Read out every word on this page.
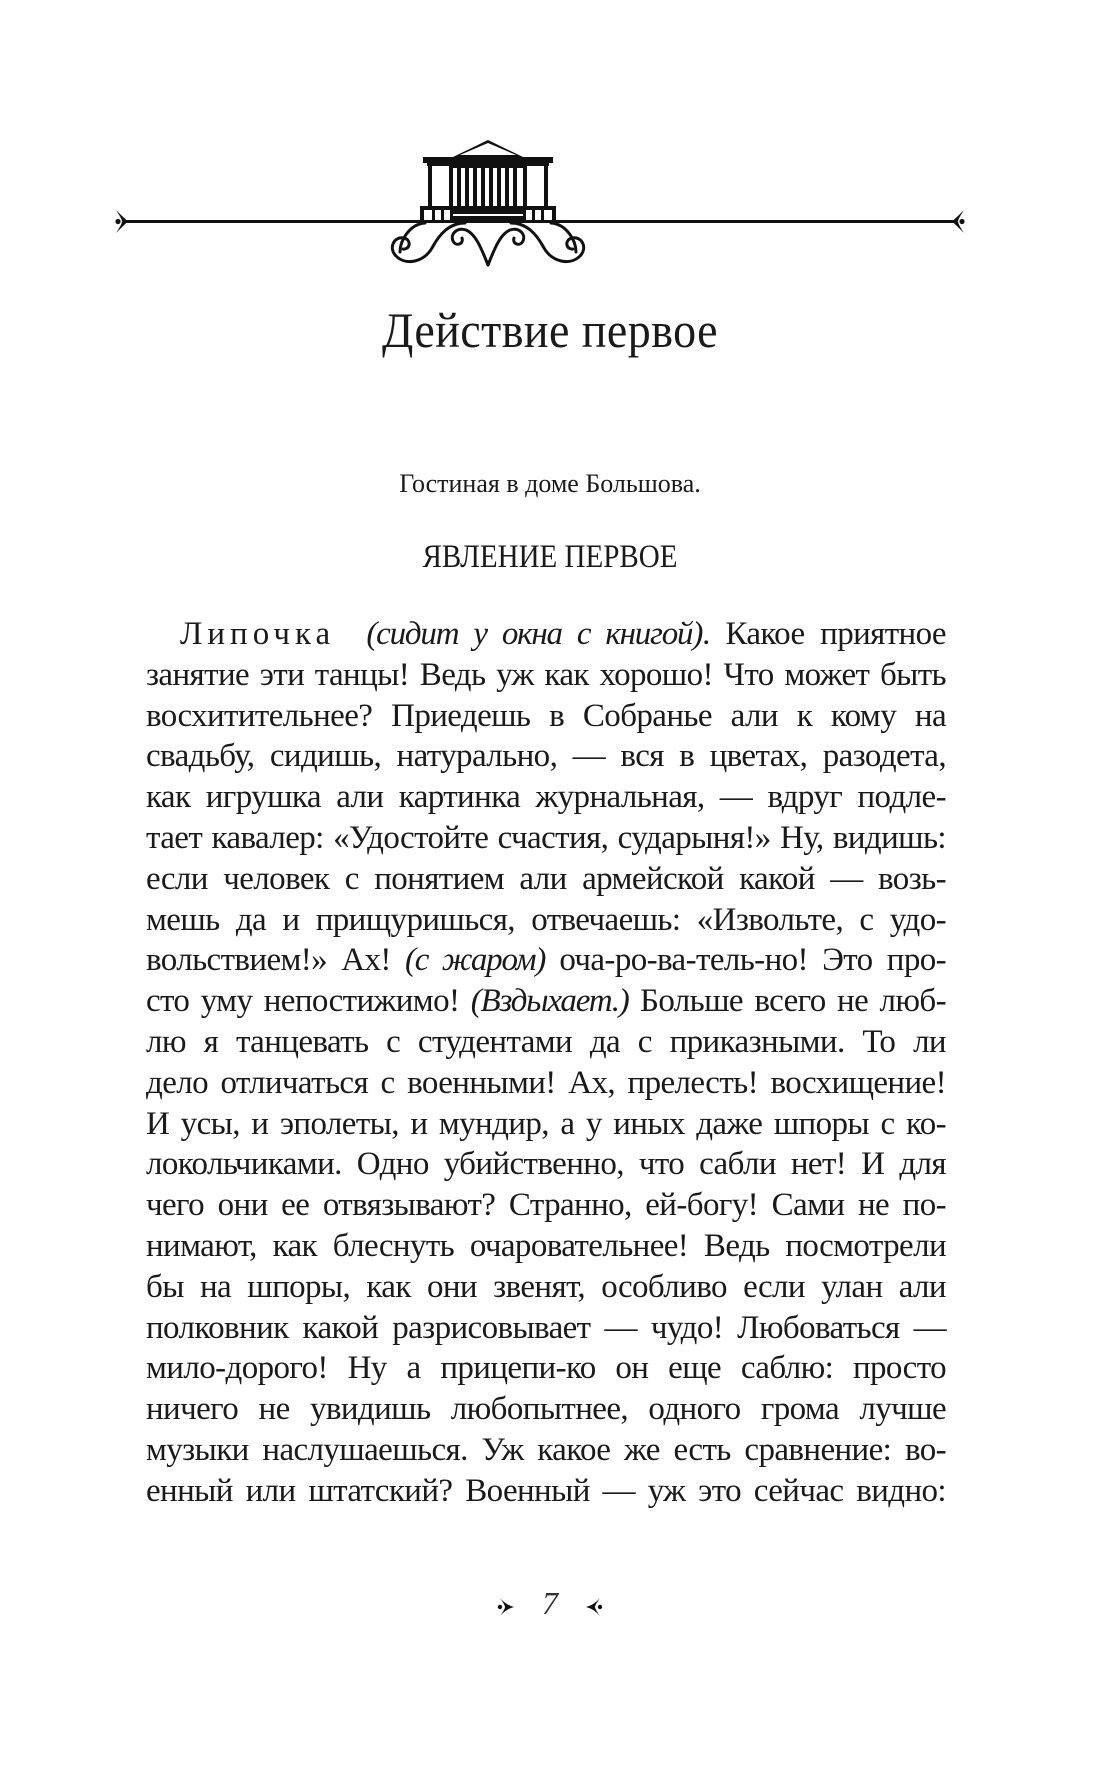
Действие первое
Гостиная в доме Большова.
ЯВЛЕНИЕ ПЕРВОЕ
Липочка (сидит у окна с книгой). Какое приятное
занятие эти танцы! Ведь уж как хорошо! Что может быть
восхитительнее? Приедешь в Собранье али к кому на
свадьбу, сидишь, натурально, — вся в цветах, разодета,
как игрушка али картинка журнальная, — вдруг подле-
тает кавалер: «Удостойте счастия, сударыня!» Ну, видишь:
если человек с понятием али армейской какой — возь-
мешь да и прищуришься, отвечаешь: «Извольте, с удо-
вольствием!» Ах! (с жаром) оча-ро-ва-тель-но! Это про-
сто уму непостижимо! (Вздыхает.) Больше всего не люб-
лю я танцевать с студентами да с приказными. То ли
дело отличаться с военными! Ах, прелесть! восхищение!
И усы, и эполеты, и мундир, а у иных даже шпоры с ко-
локольчиками. Одно убийственно, что сабли нет! И для
чего они ее отвязывают? Странно, ей-богу! Сами не по-
нимают, как блеснуть очаровательнее! Ведь посмотрели
бы на шпоры, как они звенят, особливо если улан али
полковник какой разрисовывает — чудо! Любоваться —
мило-дорого! Ну а прицепи-ко он еще саблю: просто
ничего не увидишь любопытнее, одного грома лучше
музыки наслушаешься. Уж какое же есть сравнение: во-
енный или штатский? Военный — уж это сейчас видно:
7
